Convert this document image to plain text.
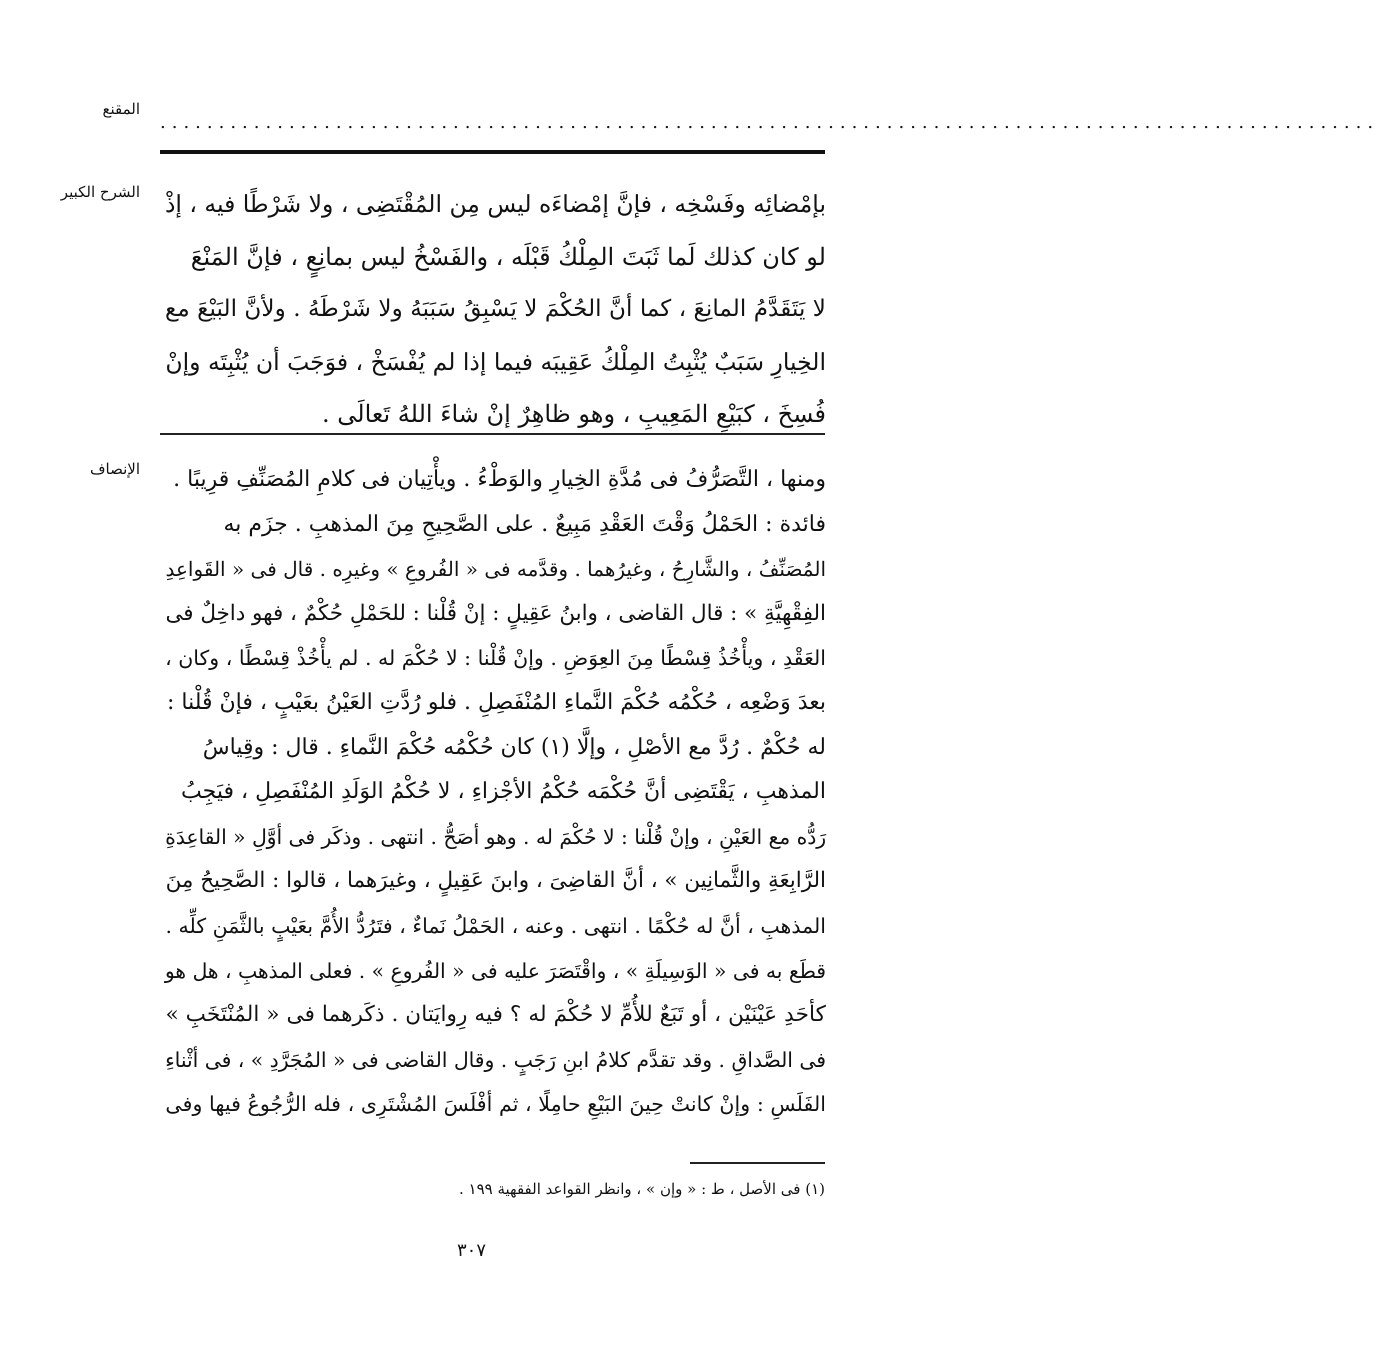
المقنع
........................................................................................................
الشرح الكبير بإمْضائِه وفَسْخِه ، فإنَّ إمْضاءَه ليس مِن المُقْتَضِى ، ولا شَرْطًا فيه ، إذْ
لو كان كذلك لَما ثَبَتَ المِلْكُ قَبْلَه ، والفَسْخُ ليس بمانِعٍ ، فإنَّ المَنْعَ
لا يَتَقَدَّمُ المانِعَ ، كما أنَّ الحُكْمَ لا يَسْبِقُ سَبَبَهُ ولا شَرْطَهُ . ولأنَّ البَيْعَ مع
الخِيارِ سَبَبٌ يُثْبِتُ المِلْكُ عَقِيبَه فيما إذا لم يُفْسَخْ ، فوَجَبَ أن يُثْبِتَه وإنْ
فُسِخَ ، كبَيْعِ المَعِيبِ ، وهو ظاهِرٌ إنْ شاءَ اللهُ تَعالَى .
الإنصاف	ومنها ، التَّصَرُّفُ فى مُدَّةِ الخِيارِ والوَطْءُ . ويأْتِيان فى كلامِ المُصَنِّفِ قرِيبًا .
فائدة : الحَمْلُ وَقْتَ العَقْدِ مَبِيعٌ . على الصَّحِيحِ مِنَ المذهبِ . جزَم به
المُصَنِّفُ ، والشَّارِحُ ، وغيرُهما . وقدَّمه فى « الفُروعِ » وغيرِه . قال فى « القَواعِدِ
الفِقْهِيَّةِ » : قال القاضى ، وابنُ عَقِيلٍ : إنْ قُلْنا : للحَمْلِ حُكْمٌ ، فهو داخِلٌ فى
العَقْدِ ، ويأْخُذُ قِسْطًا مِنَ العِوَضِ . وإنْ قُلْنا : لا حُكْمَ له . لم يأْخُذْ قِسْطًا ، وكان ،
بعدَ وَضْعِه ، حُكْمُه حُكْمَ النَّماءِ المُنْفَصِلِ . فلو رُدَّتِ العَيْنُ بعَيْبٍ ، فإنْ قُلْنا :
له حُكْمٌ . رُدَّ مع الأصْلِ ، وإلَّا (١) كان حُكْمُه حُكْمَ النَّماءِ . قال : وقِياسُ
المذهبِ ، يَقْتَضِى أنَّ حُكْمَه حُكْمُ الأجْزاءِ ، لا حُكْمُ الوَلَدِ المُنْفَصِلِ ، فيَجِبُ
رَدُّه مع العَيْنِ ، وإنْ قُلْنا : لا حُكْمَ له . وهو أصَحُّ . انتهى . وذكَر فى أوَّلِ « القاعِدَةِ
الرَّابِعَةِ والثَّمانِين » ، أنَّ القاضِىَ ، وابنَ عَقِيلٍ ، وغيرَهما ، قالوا : الصَّحِيحُ مِنَ
المذهبِ ، أنَّ له حُكْمًا . انتهى . وعنه ، الحَمْلُ نَماءٌ ، فتَرُدُّ الأُمَّ بعَيْبٍ بالثَّمَنِ كلِّه .
قطَع به فى « الوَسِيلَةِ » ، واقْتَصَرَ عليه فى « الفُروعِ » . فعلى المذهبِ ، هل هو
كأحَدِ عَيْنَيْن ، أو تَبَعٌ للأُمِّ لا حُكْمَ له ؟ فيه رِوايَتان . ذكَرهما فى « المُنْتَخَبِ »
فى الصَّداقِ . وقد تقدَّم كلامُ ابنِ رَجَبٍ . وقال القاضى فى « المُجَرَّدِ » ، فى أثْناءِ
الفَلَسِ : وإنْ كانتْ حِينَ البَيْعِ حامِلًا ، ثم أفْلَسَ المُشْتَرِى ، فله الرُّجُوعُ فيها وفى
(١) فى الأصل ، ط : « وإن » ، وانظر القواعد الفقهية ١٩٩ .
٣٠٧
